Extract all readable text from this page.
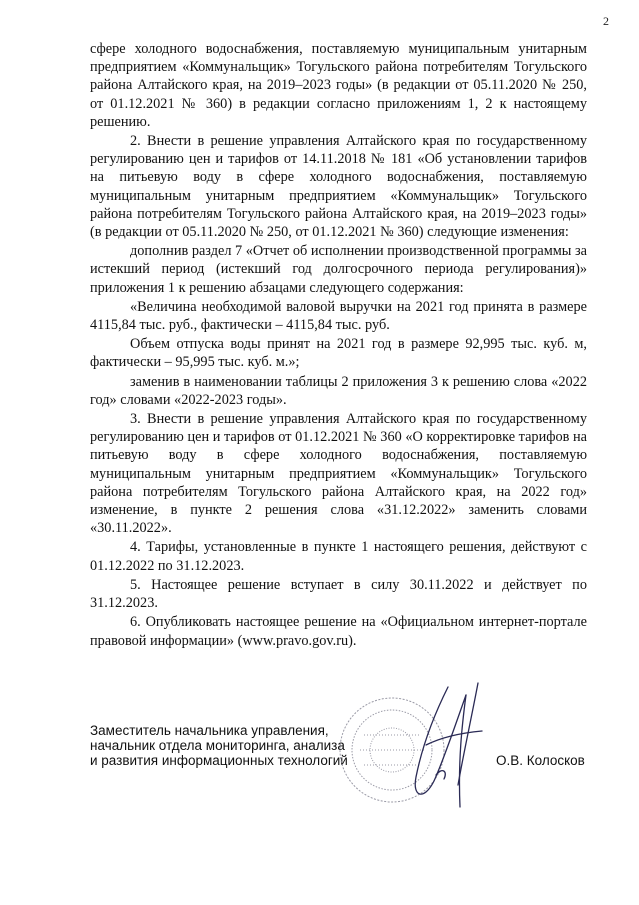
2

сфере холодного водоснабжения, поставляемую муниципальным унитарным предприятием «Коммунальщик» Тогульского района потребителям Тогульского района Алтайского края, на 2019–2023 годы» (в редакции от 05.11.2020 № 250, от 01.12.2021 № 360) в редакции согласно приложениям 1, 2 к настоящему решению.

2. Внести в решение управления Алтайского края по государственному регулированию цен и тарифов от 14.11.2018 № 181 «Об установлении тарифов на питьевую воду в сфере холодного водоснабжения, поставляемую муниципальным унитарным предприятием «Коммунальщик» Тогульского района потребителям Тогульского района Алтайского края, на 2019–2023 годы» (в редакции от 05.11.2020 № 250, от 01.12.2021 № 360) следующие изменения:

дополнив раздел 7 «Отчет об исполнении производственной программы за истекший период (истекший год долгосрочного периода регулирования)» приложения 1 к решению абзацами следующего содержания:

«Величина необходимой валовой выручки на 2021 год принята в размере 4115,84 тыс. руб., фактически – 4115,84 тыс. руб.

Объем отпуска воды принят на 2021 год в размере 92,995 тыс. куб. м, фактически – 95,995 тыс. куб. м.»;

заменив в наименовании таблицы 2 приложения 3 к решению слова «2022 год» словами «2022-2023 годы».

3. Внести в решение управления Алтайского края по государственному регулированию цен и тарифов от 01.12.2021 № 360 «О корректировке тарифов на питьевую воду в сфере холодного водоснабжения, поставляемую муниципальным унитарным предприятием «Коммунальщик» Тогульского района потребителям Тогульского района Алтайского края, на 2022 год» изменение, в пункте 2 решения слова «31.12.2022» заменить словами «30.11.2022».

4. Тарифы, установленные в пункте 1 настоящего решения, действуют с 01.12.2022 по 31.12.2023.

5. Настоящее решение вступает в силу 30.11.2022 и действует по 31.12.2023.

6. Опубликовать настоящее решение на «Официальном интернет-портале правовой информации» (www.pravo.gov.ru).

Заместитель начальника управления,
начальник отдела мониторинга, анализа
и развития информационных технологий	О.В. Колосков
